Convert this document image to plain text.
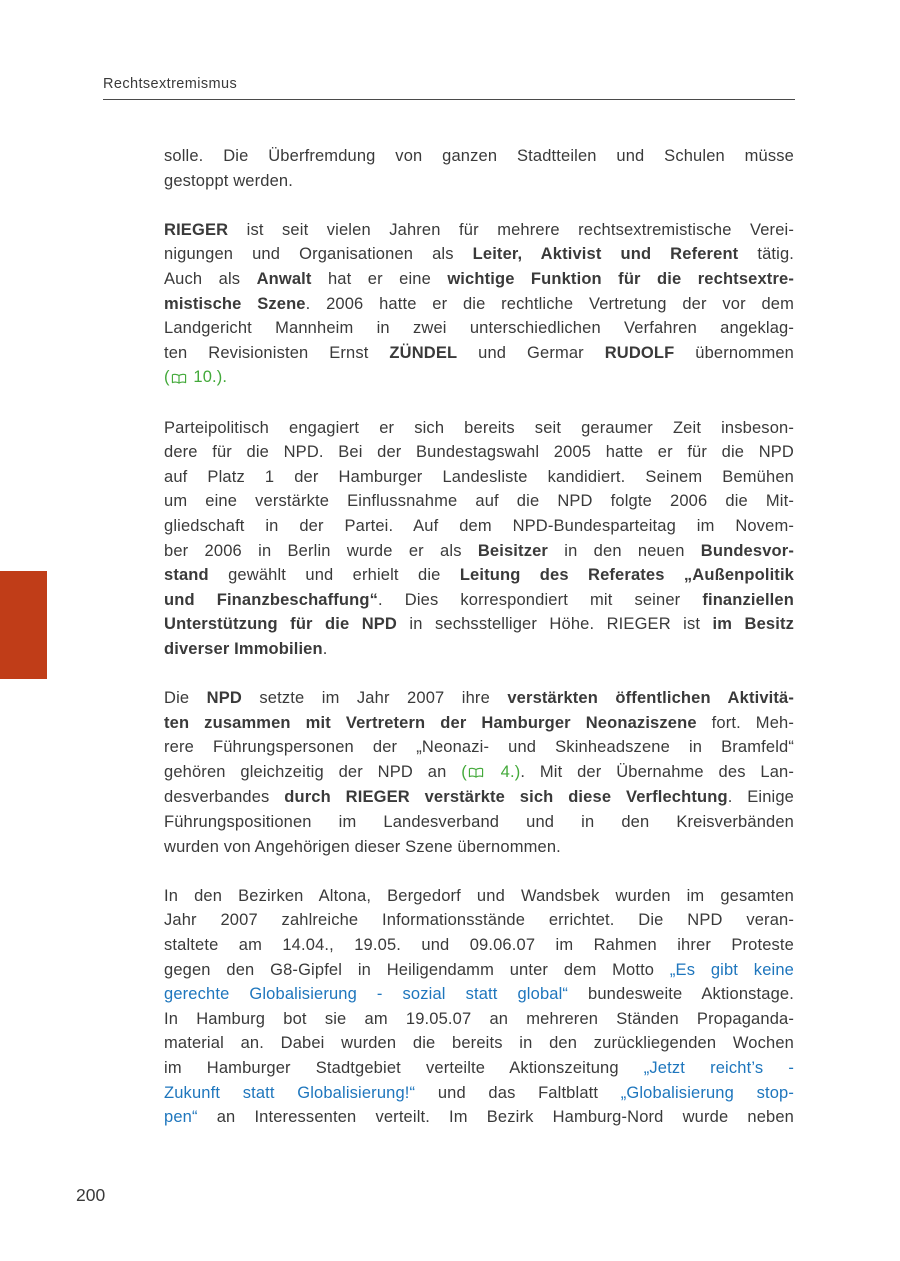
Rechtsextremismus
solle. Die Überfremdung von ganzen Stadtteilen und Schulen müsse
gestoppt werden.
RIEGER ist seit vielen Jahren für mehrere rechtsextremistische Verei-
nigungen und Organisationen als Leiter, Aktivist und Referent tätig.
Auch als Anwalt hat er eine wichtige Funktion für die rechtsextre-
mistische Szene. 2006 hatte er die rechtliche Vertretung der vor dem
Landgericht Mannheim in zwei unterschiedlichen Verfahren angeklag-
ten Revisionisten Ernst ZÜNDEL und Germar RUDOLF übernommen
( 10.).
Parteipolitisch engagiert er sich bereits seit geraumer Zeit insbeson-
dere für die NPD. Bei der Bundestagswahl 2005 hatte er für die NPD
auf Platz 1 der Hamburger Landesliste kandidiert. Seinem Bemühen
um eine verstärkte Einflussnahme auf die NPD folgte 2006 die Mit-
gliedschaft in der Partei. Auf dem NPD-Bundesparteitag im Novem-
ber 2006 in Berlin wurde er als Beisitzer in den neuen Bundesvor-
stand gewählt und erhielt die Leitung des Referates „Außenpolitik
und Finanzbeschaffung“. Dies korrespondiert mit seiner finanziellen
Unterstützung für die NPD in sechsstelliger Höhe. RIEGER ist im Besitz
diverser Immobilien.
Die NPD setzte im Jahr 2007 ihre verstärkten öffentlichen Aktivitä-
ten zusammen mit Vertretern der Hamburger Neonaziszene fort. Meh-
rere Führungspersonen der „Neonazi- und Skinheadszene in Bramfeld“
gehören gleichzeitig der NPD an ( 4.). Mit der Übernahme des Lan-
desverbandes durch RIEGER verstärkte sich diese Verflechtung. Einige
Führungspositionen im Landesverband und in den Kreisverbänden
wurden von Angehörigen dieser Szene übernommen.
In den Bezirken Altona, Bergedorf und Wandsbek wurden im gesamten
Jahr 2007 zahlreiche Informationsstände errichtet. Die NPD veran-
staltete am 14.04., 19.05. und 09.06.07 im Rahmen ihrer Proteste
gegen den G8-Gipfel in Heiligendamm unter dem Motto „Es gibt keine
gerechte Globalisierung - sozial statt global“ bundesweite Aktionstage.
In Hamburg bot sie am 19.05.07 an mehreren Ständen Propaganda-
material an. Dabei wurden die bereits in den zurückliegenden Wochen
im Hamburger Stadtgebiet verteilte Aktionszeitung „Jetzt reicht’s -
Zukunft statt Globalisierung!“ und das Faltblatt „Globalisierung stop-
pen“ an Interessenten verteilt. Im Bezirk Hamburg-Nord wurde neben
200
